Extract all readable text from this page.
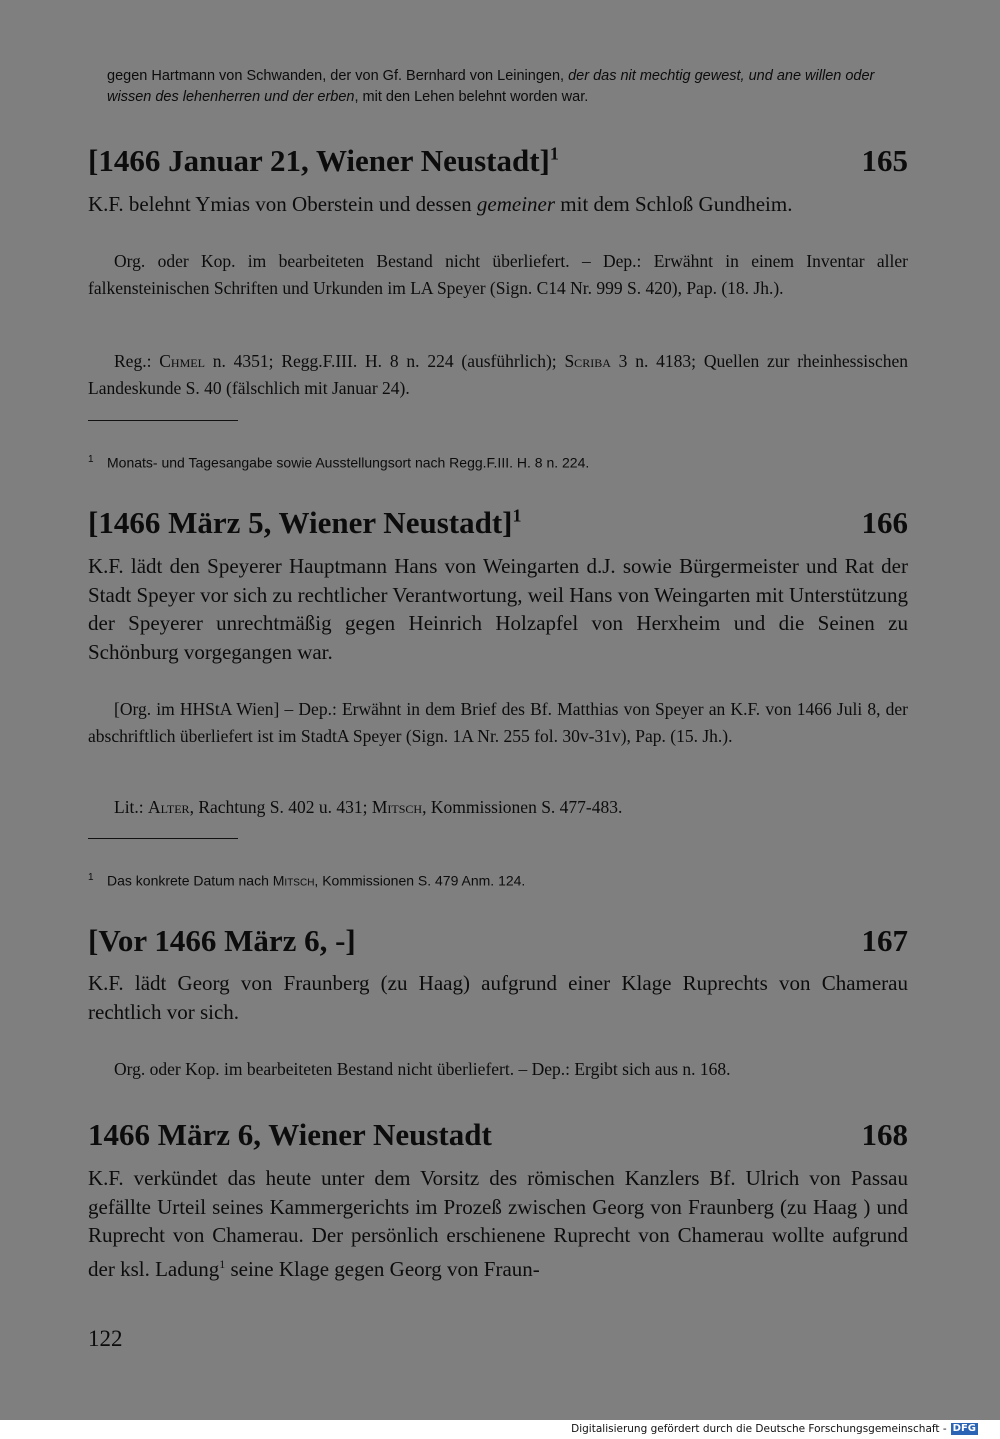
gegen Hartmann von Schwanden, der von Gf. Bernhard von Leiningen, der das nit mechtig gewest, und ane willen oder wissen des lehenherren und der erben, mit den Lehen belehnt worden war.

[1466 Januar 21, Wiener Neustadt]$^1$	165

K.F. belehnt Ymias von Oberstein und dessen gemeiner mit dem Schloß Gundheim.

Org. oder Kop. im bearbeiteten Bestand nicht überliefert. – Dep.: Erwähnt in einem Inventar aller falkensteinischen Schriften und Urkunden im LA Speyer (Sign. C14 Nr. 999 S. 420), Pap. (18. Jh.).

Reg.: Chmel n. 4351; Regg.F.III. H. 8 n. 224 (ausführlich); Scriba 3 n. 4183; Quellen zur rheinhessischen Landeskunde S. 40 (fälschlich mit Januar 24).

1 Monats- und Tagesangabe sowie Ausstellungsort nach Regg.F.III. H. 8 n. 224.
[1466 März 5, Wiener Neustadt]$^1$	166

K.F. lädt den Speyerer Hauptmann Hans von Weingarten d.J. sowie Bürgermeister und Rat der Stadt Speyer vor sich zu rechtlicher Verantwortung, weil Hans von Weingarten mit Unterstützung der Speyerer unrechtmäßig gegen Heinrich Holzapfel von Herxheim und die Seinen zu Schönburg vorgegangen war.

[Org. im HHStA Wien] – Dep.: Erwähnt in dem Brief des Bf. Matthias von Speyer an K.F. von 1466 Juli 8, der abschriftlich überliefert ist im StadtA Speyer (Sign. 1A Nr. 255 fol. 30v-31v), Pap. (15. Jh.).

Lit.: Alter, Rachtung S. 402 u. 431; Mitsch, Kommissionen S. 477-483.

1 Das konkrete Datum nach Mitsch, Kommissionen S. 479 Anm. 124.
[Vor 1466 März 6, -]	167

K.F. lädt Georg von Fraunberg (zu Haag) aufgrund einer Klage Ruprechts von Chamerau rechtlich vor sich.

Org. oder Kop. im bearbeiteten Bestand nicht überliefert. – Dep.: Ergibt sich aus n. 168.

1466 März 6, Wiener Neustadt	168

K.F. verkündet das heute unter dem Vorsitz des römischen Kanzlers Bf. Ulrich von Passau gefällte Urteil seines Kammergerichts im Prozeß zwischen Georg von Fraunberg (zu Haag ) und Ruprecht von Chamerau. Der persönlich erschienene Ruprecht von Chamerau wollte aufgrund der ksl. Ladung$^1$ seine Klage gegen Georg von Fraun-

122
Digitalisierung gefördert durch die Deutsche Forschungsgemeinschaft - DFG
